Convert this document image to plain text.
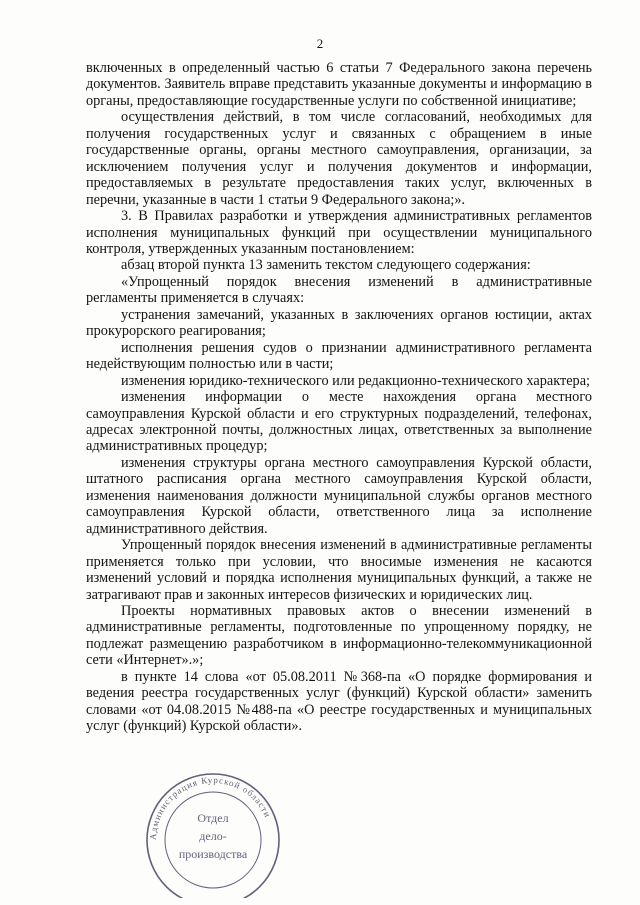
2

включенных в определенный частью 6 статьи 7 Федерального закона перечень документов. Заявитель вправе представить указанные документы и информацию в органы, предоставляющие государственные услуги по собственной инициативе;

осуществления действий, в том числе согласований, необходимых для получения государственных услуг и связанных с обращением в иные государственные органы, органы местного самоуправления, организации, за исключением получения услуг и получения документов и информации, предоставляемых в результате предоставления таких услуг, включенных в перечни, указанные в части 1 статьи 9 Федерального закона;».

3. В Правилах разработки и утверждения административных регламентов исполнения муниципальных функций при осуществлении муниципального контроля, утвержденных указанным постановлением:

абзац второй пункта 13 заменить текстом следующего содержания:

«Упрощенный порядок внесения изменений в административные регламенты применяется в случаях:

устранения замечаний, указанных в заключениях органов юстиции, актах прокурорского реагирования;

исполнения решения судов о признании административного регламента недействующим полностью или в части;

изменения юридико-технического или редакционно-технического характера;

изменения информации о месте нахождения органа местного самоуправления Курской области и его структурных подразделений, телефонах, адресах электронной почты, должностных лицах, ответственных за выполнение административных процедур;

изменения структуры органа местного самоуправления Курской области, штатного расписания органа местного самоуправления Курской области, изменения наименования должности муниципальной службы органов местного самоуправления Курской области, ответственного лица за исполнение административного действия.

Упрощенный порядок внесения изменений в административные регламенты применяется только при условии, что вносимые изменения не касаются изменений условий и порядка исполнения муниципальных функций, а также не затрагивают прав и законных интересов физических и юридических лиц.

Проекты нормативных правовых актов о внесении изменений в административные регламенты, подготовленные по упрощенному порядку, не подлежат размещению разработчиком в информационно-телекоммуникационной сети «Интернет».»;

в пункте 14 слова «от 05.08.2011 №368-па «О порядке формирования и ведения реестра государственных услуг (функций) Курской области» заменить словами «от 04.08.2015 №488-па «О реестре государственных и муниципальных услуг (функций) Курской области».

Администрация Курской области
Отдел
дело-
производства
